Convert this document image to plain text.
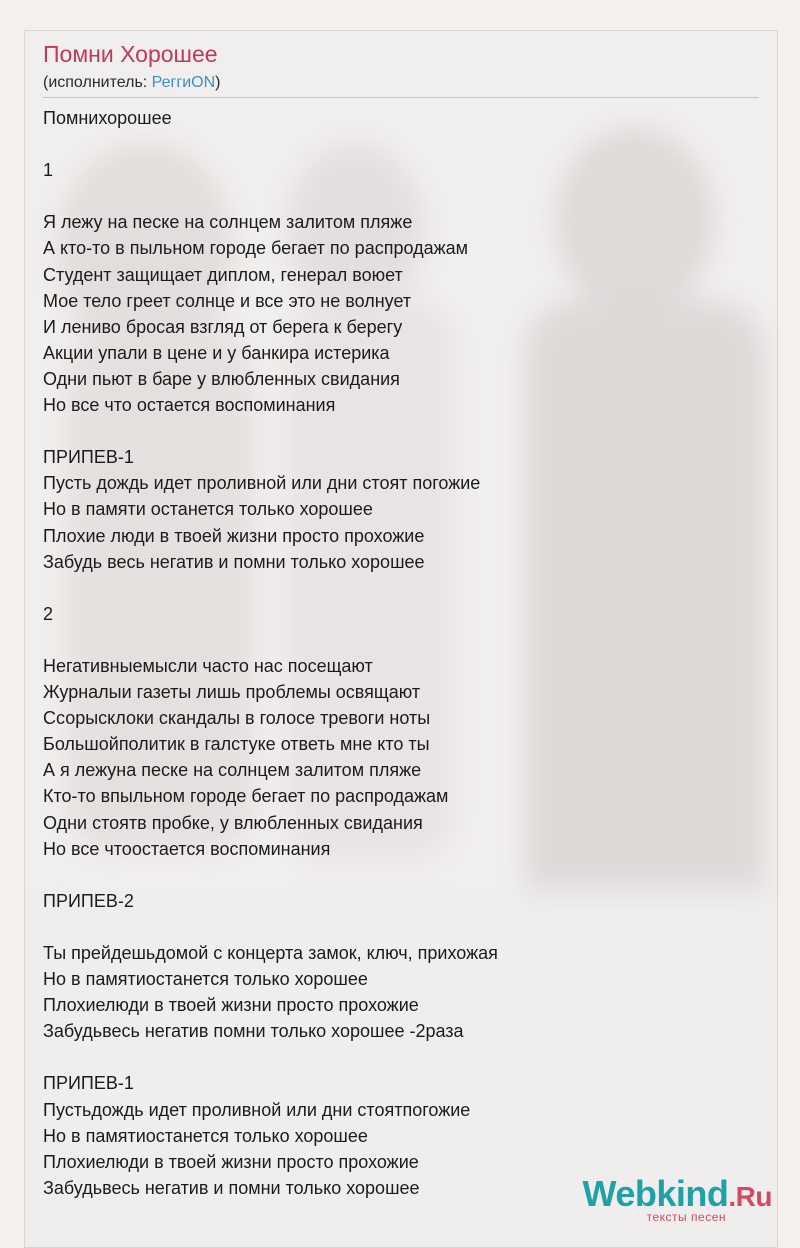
Помни Хорошее
(исполнитель: РеггиON)
Помнихорошее
1
Я лежу на песке на солнцем залитом пляже
А кто-то в пыльном городе бегает по распродажам
Студент защищает диплом, генерал воюет
Мое тело греет солнце и все это не волнует
И лениво бросая взгляд от берега к берегу
Акции упали в цене и у банкира истерика
Одни пьют в баре у влюбленных свидания
Но все что остается воспоминания
ПРИПЕВ-1
Пусть дождь идет проливной или дни стоят погожие
Но в памяти останется только хорошее
Плохие люди в твоей жизни просто прохожие
Забудь весь негатив и помни только хорошее
2
Негативныемысли часто нас посещают
Журналыи газеты лишь проблемы освящают
Ссорысклоки скандалы в голосе тревоги ноты
Большойполитик в галстуке ответь мне кто ты
А я лежуна песке на солнцем залитом пляже
Кто-то впыльном городе бегает по распродажам
Одни стоятв пробке, у влюбленных свидания
Но все чтоостается воспоминания
ПРИПЕВ-2
Ты прейдешьдомой с концерта замок, ключ, прихожая
Но в памятиостанется только хорошее
Плохиелюди в твоей жизни просто прохожие
Забудьвесь негатив помни только хорошее -2раза
ПРИПЕВ-1
Пустьдождь идет проливной или дни стоятпогожие
Но в памятиостанется только хорошее
Плохиелюди в твоей жизни просто прохожие
Забудьвесь негатив и помни только хорошее	Webkind.Ru
тексты песен
